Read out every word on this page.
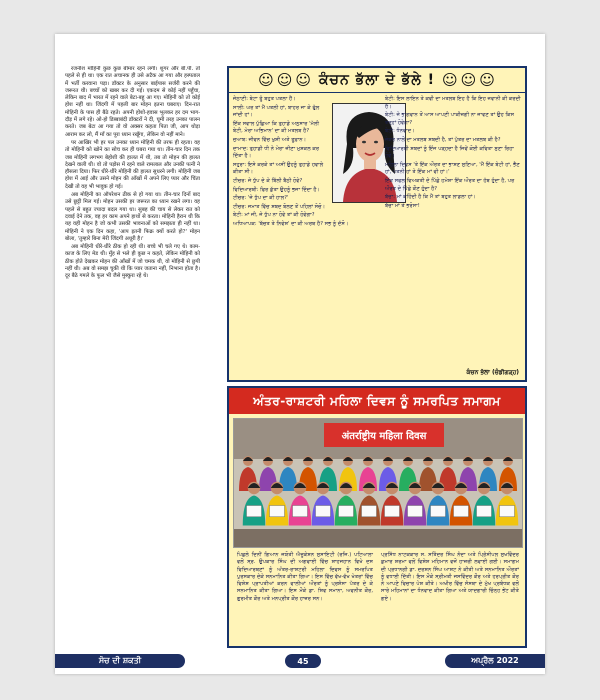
रजनीश मोहिनी कुछ कुछ बीमार रहने लगी। शुगर और बी.पी. तो पहले से ही था। एक रात अचानक ही उसे अटैक आ गया और हस्पताल में भर्ती करवाना पड़ा। डॉक्टर के अनुसार बाईपास सर्जरी करने की जरूरत थी। बच्चों को खबर कर दी गई। एकदम से कोई नहीं पहुँचा, लेकिन बाद में भारत में रहने वाले बेटा-बहू आ गए। मोहिनी को तो कोई होश नहीं था। जिंदगी में पहली बार मोहन इतना घबराए। दिन-रात मोहिनी के पास ही बैठे रहते। अपनी होशो-हवास भूलकर हर दम भाग-दौड़ में लगे रहे। ओ-हो डिब्बाबंदी डॉक्टरों ने दी, घूमी तरह उनका पालन करते। जब बेटा आ गया तो वो अक्सर कहता पिता जी, आप थोड़ा आराम कर लो, मैं माँ का पूरा ध्यान रखूँगा, लेकिन वो नहीं माने।

पर आखिर भी हर पल उनका ध्यान मोहिनी की तरफ ही रहता। वह तो मोहिनी को खोने का सोच कर ही घबरा गया था। तीन-चार दिन तक जब मोहिनी लगभग बेहोशी की हालत में थी, तब तो मोहन की हालत देखने वाली थी। वो तो पड़ोस में रहने वाले रामलाल और उनकी पत्नी ने हौसला दिया। फिर धीरे-धीरे मोहिनी की हालत सुधरने लगी। मोहिनी जब होश में आई और उसने मोहन की आँखों में अपने लिए प्यार और चिंता देखी तो वह भी भावुक हो गई।

अब मोहिनी का ऑपरेशन ठीक से हो गया था। तीन-चार दिनों बाद उसे छुट्टी मिल गई। मोहन उसकी हर जरूरत का ध्यान रखने लगा। वह पहले से बहुत ज्यादा बदल गया था। सुबह की चाय से लेकर रात को दवाई देने तक, वह हर काम अपने हाथों से करता। मोहिनी हैरान थी कि यह वही मोहन है जो कभी उसकी भावनाओं को समझता ही नहीं था। मोहिनी ने एक दिन कहा, 'आप इतनी फिक्र क्यों करते हो?' मोहन बोला, 'तुम्हारे बिना मेरी जिंदगी अधूरी है।'

अब मोहिनी धीरे-धीरे ठीक हो रही थी। बच्चे भी चले गए थे। काम-काज के लिए मेड थी। मुँह से भले ही कुछ न कहते, लेकिन मोहिनी को ठीक होते देखकर मोहन की आँखों में जो चमक थी, वो मोहिनी से छुपी नहीं थी। अब वो समझ चुकी थी कि प्यार जताना नहीं, निभाना होता है। दूर बैठे गमले के फूल भी जैसे मुस्कुरा रहे थे।

☺ ☺ ☺ ਕੰਚਨ ਭੱਲਾ ਦੇ ਭੱਲੇ ! ☺ ☺ ☺

ਜੇਠਾਣੀ: ਬੇਟਾ ਤੂੰ ਬਹੁਤ ਪਤਲਾ ਹੈਂ।

ਸਾਲੀ: ਘਰ ਤਾਂ ਮੈਂ ਪਤਲੀ ਹਾਂ, ਬਾਹਰ ਜਾ ਕੇ ਫੁੱਲ ਜਾਂਦੀ ਹਾਂ।

ਇੱਕ ਸਵਾਲ ਪੁੱਛਿਆ ਕਿ ਤੁਹਾਡੇ ਅਨੁਸਾਰ 'ਮੱਲੀ ਬੇਟੀ, ਮੇਰਾ ਅਭਿਮਾਨ' ਦਾ ਕੀ ਮਤਲਬ ਹੈ?

ਜੁਆਬ: ਜੀਵਨ ਵਿੱਚ ਖੁਸ਼ੀ ਅਤੇ ਤੂਫ਼ਾਨ।

ਦਾਮਾਦ: ਤੁਹਾਡੀ ਧੀ ਨੇ ਮੇਰਾ ਜੀਣਾ ਮੁਸ਼ਕਲ ਕਰ ਦਿੱਤਾ ਹੈ।

ਸਹੁਰਾ: ਇਸੇ ਕਰਕੇ ਤਾਂ ਅਸੀਂ ਉਹਨੂੰ ਤੁਹਾਡੇ ਹਵਾਲੇ ਕੀਤਾ ਸੀ।

ਟੀਚਰ: ਜੇ ਧੁੱਪ ਦੇ ਕੇ ਬਿੱਲੀ ਬੈਠੀ ਹੋਵੇ?

ਵਿਦਿਆਰਥੀ: ਫਿਰ ਕੁੱਤਾ ਉਹਨੂੰ ਭਜਾ ਦਿੰਦਾ ਹੈ।

ਟੀਚਰ: 'ਜੇ ਧੁੱਪ ਦਾ ਕੀ ਹਾਲ?'

ਟੀਚਰ: ਜਮਾਤ ਵਿੱਚ ਸ਼ਬਦ ਬੋਲਣ ਤੋਂ ਪਹਿਲਾਂ ਸੋਚੋ।

ਬੇਟੀ: ਮਾਂ ਜੀ, ਜੇ ਧੁੱਪ ਨਾ ਹੋਵੇ ਤਾਂ ਕੀ ਹੋਵੇਗਾ?

ਅਧਿਆਪਕ: 'ਬੱਚਤ ਤੇ ਨਿਵੇਸ਼' ਦਾ ਕੀ ਅਰਥ ਹੈ? ਸਭ ਨੂੰ ਦੱਸੋ।

ਬੇਟੀ: ਇਸ ਲਾਇਨ ਤੇ ਕਵੀ ਦਾ ਮਤਲਬ ਇਹ ਹੈ ਕਿ ਇਹ ਜਵਾਨੀ ਕੀ ਕਰਦੀ ਹੈ।

ਬੇਟੀ: ਜੇ ਭਾਗਵਾਨ ਤੋਂ ਆਸ ਆਪਣੀ ਪਾਕੀਜ਼ਗੀ ਨਾ ਜਾਵਣ ਤਾਂ ਉਹ ਕਿਸ ਤਰ੍ਹਾਂ ਹੋਵੇਗਾ?

ਬੇਟੀ: ਧੰਨਵਾਦ।

ਜੇਕਰ ਨਾਲੋਂ ਦਾ ਮਤਲਬ ਸ਼ਬਦੀ ਹੈ, ਤਾਂ ਪੁੱਤਰ ਦਾ ਮਤਲਬ ਕੀ ਹੈ?

ਵਿਦਿਆਰਥੀ ਸ਼ਬਦਾਂ ਨੂੰ ਇੰਜ ਪੜ੍ਹਦਾ ਹੈ ਜਿਵੇਂ ਕੋਈ ਕਵਿਤਾ ਸੁਣਾ ਰਿਹਾ ਹੋਵੇ।

ਮਹਿਲਾ ਦਿਵਸ 'ਤੇ ਇੱਕ ਔਰਤ ਦਾ ਭਾਸ਼ਣ ਸੁਣਿਆ, 'ਮੈਂ ਇੱਕ ਬੇਟੀ ਹਾਂ, ਭੈਣ ਹਾਂ, ਪਤਨੀ ਹਾਂ ਤੇ ਇੱਕ ਮਾਂ ਵੀ ਹਾਂ।'

ਇੱਕ ਸਫਲ ਵਿਅਕਤੀ ਦੇ ਪਿੱਛੇ ਹਮੇਸ਼ਾ ਇੱਕ ਔਰਤ ਦਾ ਹੱਥ ਹੁੰਦਾ ਹੈ, ਪਰ ਔਰਤ ਦੇ ਪਿੱਛੇ ਕੌਣ ਹੁੰਦਾ ਹੈ?

ਬੱਚਾ: ਮਾਂ ਕਹਿੰਦੀ ਹੈ ਕਿ ਮੈਂ ਤਾਂ ਬਹੁਤ ਲਾਡਲਾ ਹਾਂ।

ਬੱਚਾ ਮਾਂ ਤੇ ਭਰੋਸਾ!

ਕੰਚਨ ਭੱਲਾ (ਚੰਡੀਗੜ੍ਹ)
ਅੰਤਰ-ਰਾਸ਼ਟਰੀ ਮਹਿਲਾ ਦਿਵਸ ਨੂੰ ਸਮਰਪਿਤ ਸਮਾਗਮ
अंतर्राष्ट्रीय महिला दिवस
ਪਿਛਲੇ ਦਿਨੀਂ ਗਿਆਨ ਜਯੋਤੀ ਐਜੂਕੇਸ਼ਨ ਸੁਸਾਇਟੀ (ਰਜਿ.) ਪਟਿਆਲਾ ਵਲੋਂ ਸ੍ਰ. ਉਪਕਾਰ ਸਿੰਘ ਦੀ ਅਗਵਾਈ ਵਿੱਚ ਸ਼ਾਹਜਹਾਨ ਵਿਖੇ ਦਸ ਵਿਦਿਆਰਥਣਾਂ ਨੂੰ ਅੰਤਰ-ਰਾਸ਼ਟਰੀ ਮਹਿਲਾ ਦਿਵਸ ਨੂੰ ਸਮਰਪਿਤ ਪੁਰਸਕਾਰ ਦੇਕੇ ਸਨਮਾਨਿਤ ਕੀਤਾ ਗਿਆ। ਇਸ ਵਿੱਚ ਵੱਖ-ਵੱਖ ਖੇਤਰਾਂ ਵਿੱਚ ਵਿਸ਼ੇਸ਼ ਪ੍ਰਾਪਤੀਆਂ ਕਰਨ ਵਾਲੀਆਂ ਔਰਤਾਂ ਨੂੰ ਪ੍ਰਸ਼ੰਸਾ ਪੱਤਰ ਦੇ ਕੇ ਸਨਮਾਨਿਤ ਕੀਤਾ ਗਿਆ। ਇਸ ਮੌਕੇ ਡਾ. ਸ਼ਿਵ ਸਮਾਨਾ, ਅਵਨੀਤ ਕੌਰ, ਗੁਰਮੀਤ ਕੌਰ ਅਤੇ ਮਨਪ੍ਰੀਤ ਕੌਰ ਹਾਜ਼ਰ ਸਨ।
ਪ੍ਰਸਿੱਧ ਨਾਟਕਕਾਰ ਸ. ਸਤਿੰਦਰ ਸਿੰਘ ਨੰਦਾ ਅਤੇ ਪ੍ਰਿੰਸੀਪਲ ਸੁਖਵਿੰਦਰ ਕੁਮਾਰ ਸ਼ਰਮਾ ਵਲੋਂ ਵਿਸ਼ੇਸ਼ ਮਹਿਮਾਨ ਵਜੋਂ ਹਾਜ਼ਰੀ ਲਵਾਈ ਗਈ। ਸਮਾਗਮ ਦੀ ਪ੍ਰਧਾਨਗੀ ਡਾ. ਦਰਸ਼ਨ ਸਿੰਘ ਆਸ਼ਟ ਨੇ ਕੀਤੀ ਅਤੇ ਸਨਮਾਨਿਤ ਔਰਤਾਂ ਨੂੰ ਵਧਾਈ ਦਿੱਤੀ। ਇਸ ਮੌਕੇ ਸ੍ਰੀਮਤੀ ਜਸਵਿੰਦਰ ਕੌਰ ਅਤੇ ਹਰਪ੍ਰੀਤ ਕੌਰ ਨੇ ਆਪਣੇ ਵਿਚਾਰ ਪੇਸ਼ ਕੀਤੇ। ਅਖੀਰ ਵਿੱਚ ਸੰਸਥਾ ਦੇ ਮੁੱਖ ਪ੍ਰਬੰਧਕ ਵਲੋਂ ਸਾਰੇ ਮਹਿਮਾਨਾਂ ਦਾ ਧੰਨਵਾਦ ਕੀਤਾ ਗਿਆ ਅਤੇ ਯਾਦਗਾਰੀ ਚਿੰਨ੍ਹ ਭੇਂਟ ਕੀਤੇ ਗਏ।
ਸੋਚ ਦੀ ਸ਼ਕਤੀ	45	ਅਪ੍ਰੈਲ 2022
